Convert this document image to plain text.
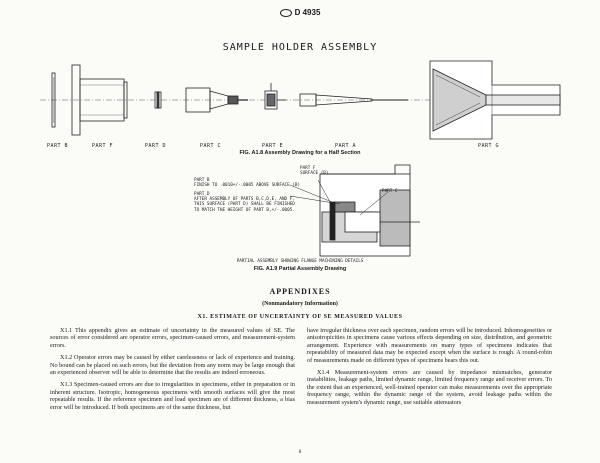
D 4935
SAMPLE HOLDER ASSEMBLY
PART B	PART F	PART D	PART C	PART E	PART A	PART G
FIG. A1.8 Assembly Drawing for a Half Section
PART F
SURFACE (B)
PART B
FINISH TO .0010+/-.0005 ABOVE SURFACE (B)
PART D
AFTER ASSEMBLY OF PARTS B,C,D,E, AND F,
THIS SURFACE (PART D) SHALL BE FINISHED
TO MATCH THE HEIGHT OF PART B,+/-.0005.
PART C
PARTIAL ASSEMBLY SHOWING FLANGE MACHINING DETAILS
FIG. A1.9 Partial Assembly Drawing
APPENDIXES
(Nonmandatory Information)
X1. ESTIMATE OF UNCERTAINTY OF SE MEASURED VALUES

X1.1 This appendix gives an estimate of uncertainty in the measured values of SE. The sources of error considered are operator errors, specimen-caused errors, and measurement-system errors.

X1.2 Operator errors may be caused by either carelessness or lack of experience and training. No bound can be placed on such errors, but the deviation from any norm may be large enough that an experienced observer will be able to determine that the results are indeed erroneous.

X1.3 Specimen-caused errors are due to irregularities in specimens, either in preparation or in inherent structure. Isotropic, homogeneous specimens with smooth surfaces will give the most repeatable results. If the reference specimen and load specimen are of different thickness, a bias error will be introduced. If both specimens are of the same thickness, but

have irregular thickness over each specimen, random errors will be introduced. Inhomogeneities or anisotropicities in specimens cause various effects depending on size, distribution, and geometric arrangement. Experience with measurements on many types of specimens indicates that repeatability of measured data may be expected except when the surface is rough. A round-robin of measurements made on different types of specimens bears this out.

X1.4 Measurement-system errors are caused by impedance mismatches, generator instabilities, leakage paths, limited dynamic range, limited frequency range and receiver errors. To the extent that an experienced, well-trained operator can make measurements over the appropriate frequency range, within the dynamic range of the system, avoid leakage paths within the measurement system's dynamic range, use suitable attenuators

8
